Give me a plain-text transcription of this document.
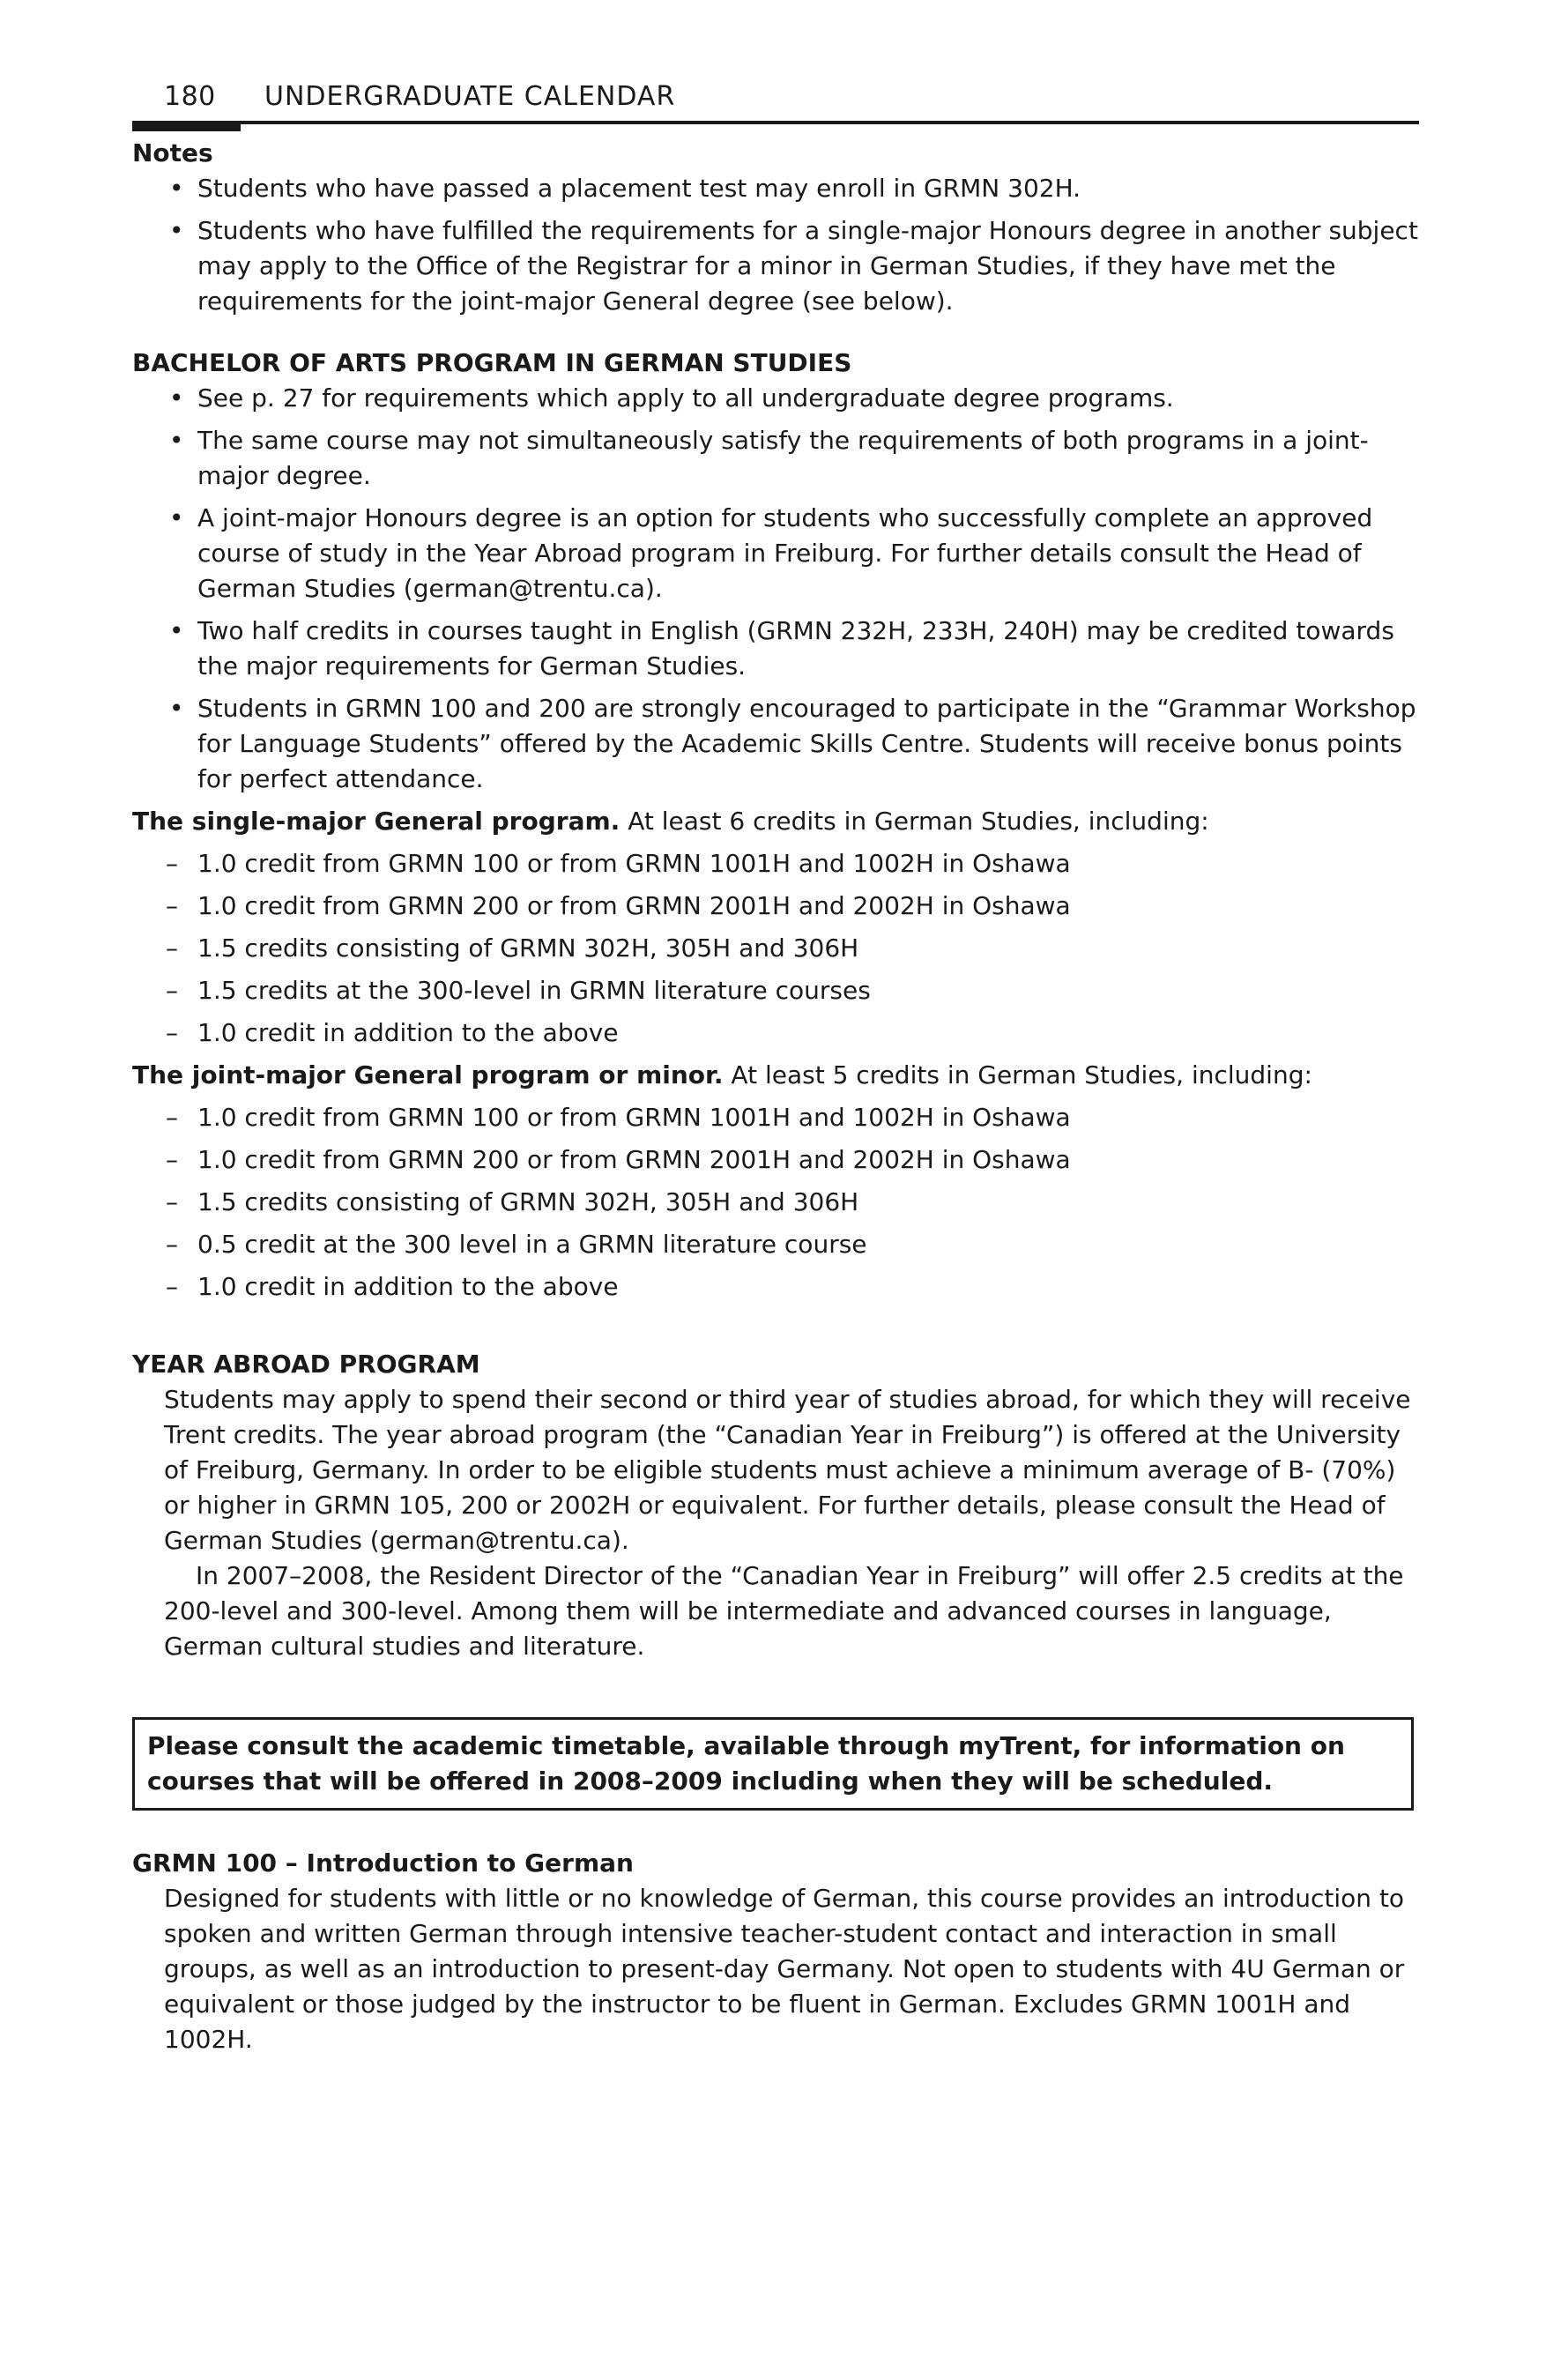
180 UNDERGRADUATE CALENDAR
Notes
• Students who have passed a placement test may enroll in GRMN 302H.
• Students who have fulfilled the requirements for a single-major Honours degree in another subject may apply to the Office of the Registrar for a minor in German Studies, if they have met the requirements for the joint-major General degree (see below).
BACHELOR OF ARTS PROGRAM IN GERMAN STUDIES
• See p. 27 for requirements which apply to all undergraduate degree programs.
• The same course may not simultaneously satisfy the requirements of both programs in a joint-major degree.
• A joint-major Honours degree is an option for students who successfully complete an approved course of study in the Year Abroad program in Freiburg. For further details consult the Head of German Studies (german@trentu.ca).
• Two half credits in courses taught in English (GRMN 232H, 233H, 240H) may be credited towards the major requirements for German Studies.
• Students in GRMN 100 and 200 are strongly encouraged to participate in the “Grammar Workshop for Language Students” offered by the Academic Skills Centre. Students will receive bonus points for perfect attendance.

The single-major General program. At least 6 credits in German Studies, including:

– 1.0 credit from GRMN 100 or from GRMN 1001H and 1002H in Oshawa
– 1.0 credit from GRMN 200 or from GRMN 2001H and 2002H in Oshawa
– 1.5 credits consisting of GRMN 302H, 305H and 306H
– 1.5 credits at the 300-level in GRMN literature courses
– 1.0 credit in addition to the above

The joint-major General program or minor. At least 5 credits in German Studies, including:

– 1.0 credit from GRMN 100 or from GRMN 1001H and 1002H in Oshawa
– 1.0 credit from GRMN 200 or from GRMN 2001H and 2002H in Oshawa
– 1.5 credits consisting of GRMN 302H, 305H and 306H
– 0.5 credit at the 300 level in a GRMN literature course
– 1.0 credit in addition to the above
YEAR ABROAD PROGRAM

Students may apply to spend their second or third year of studies abroad, for which they will receive Trent credits. The year abroad program (the “Canadian Year in Freiburg”) is offered at the University of Freiburg, Germany. In order to be eligible students must achieve a minimum average of B- (70%) or higher in GRMN 105, 200 or 2002H or equivalent. For further details, please consult the Head of German Studies (german@trentu.ca).

In 2007–2008, the Resident Director of the “Canadian Year in Freiburg” will offer 2.5 credits at the 200-level and 300-level. Among them will be intermediate and advanced courses in language, German cultural studies and literature.

Please consult the academic timetable, available through myTrent, for information on courses that will be offered in 2008–2009 including when they will be scheduled.
GRMN 100 – Introduction to German

Designed for students with little or no knowledge of German, this course provides an introduction to spoken and written German through intensive teacher-student contact and interaction in small groups, as well as an introduction to present-day Germany. Not open to students with 4U German or equivalent or those judged by the instructor to be fluent in German. Excludes GRMN 1001H and 1002H.
